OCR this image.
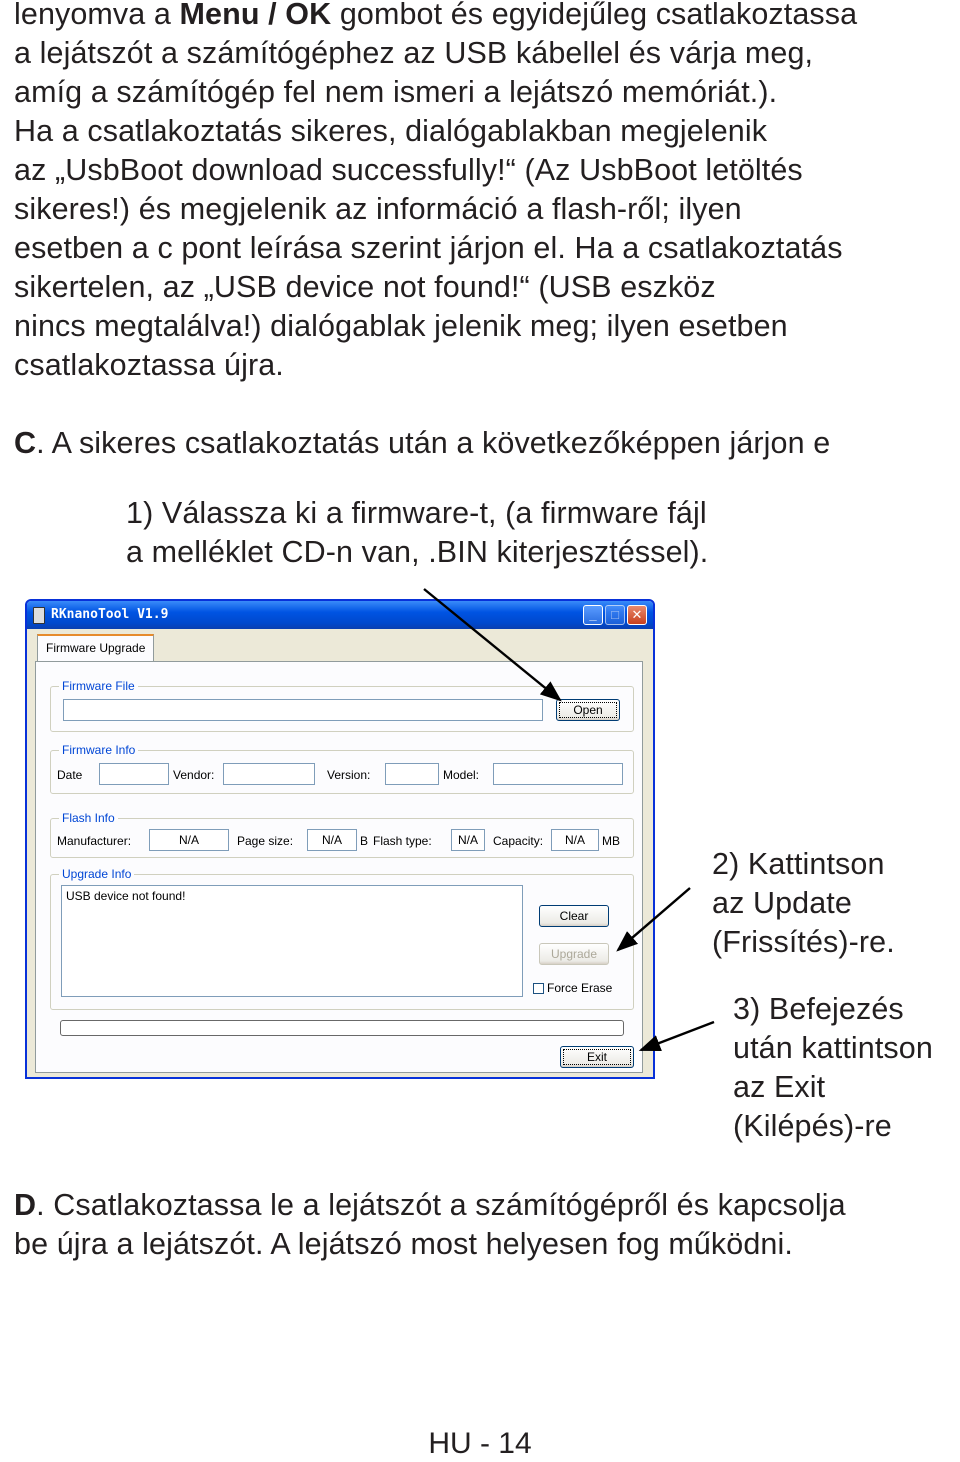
lenyomva a Menu / OK gombot és egyidejűleg csatlakoztassa
a lejátszót a számítógéphez az USB kábellel és várja meg,
amíg a számítógép fel nem ismeri a lejátszó memóriát.).
Ha a csatlakoztatás sikeres, dialógablakban megjelenik
az „UsbBoot download successfully!“ (Az UsbBoot letöltés
sikeres!) és megjelenik az információ a flash-ről; ilyen
esetben a c pont leírása szerint járjon el. Ha a csatlakoztatás
sikertelen, az „USB device not found!“ (USB eszköz
nincs megtalálva!) dialógablak jelenik meg; ilyen esetben
csatlakoztassa újra.
C. A sikeres csatlakoztatás után a következőképpen járjon e
1) Válassza ki a firmware-t, (a firmware fájl
a melléklet CD-n van, .BIN kiterjesztéssel).
RKnanoTool V1.9	_	□ ✕
Firmware Upgrade
Firmware File
Open
Firmware Info
Date	Vendor:	Version:	Model:
Flash Info
Manufacturer:	N/A	Page size:	N/A	B Flash type:	N/A	Capacity:	N/A	MB
Upgrade Info
USB device not found!
Clear
Upgrade
Force Erase
Exit
2) Kattintson
az Update
(Frissítés)-re.
3) Befejezés
után kattintson
az Exit
(Kilépés)-re
D. Csatlakoztassa le a lejátszót a számítógépről és kapcsolja
be újra a lejátszót. A lejátszó most helyesen fog működni.
HU - 14
